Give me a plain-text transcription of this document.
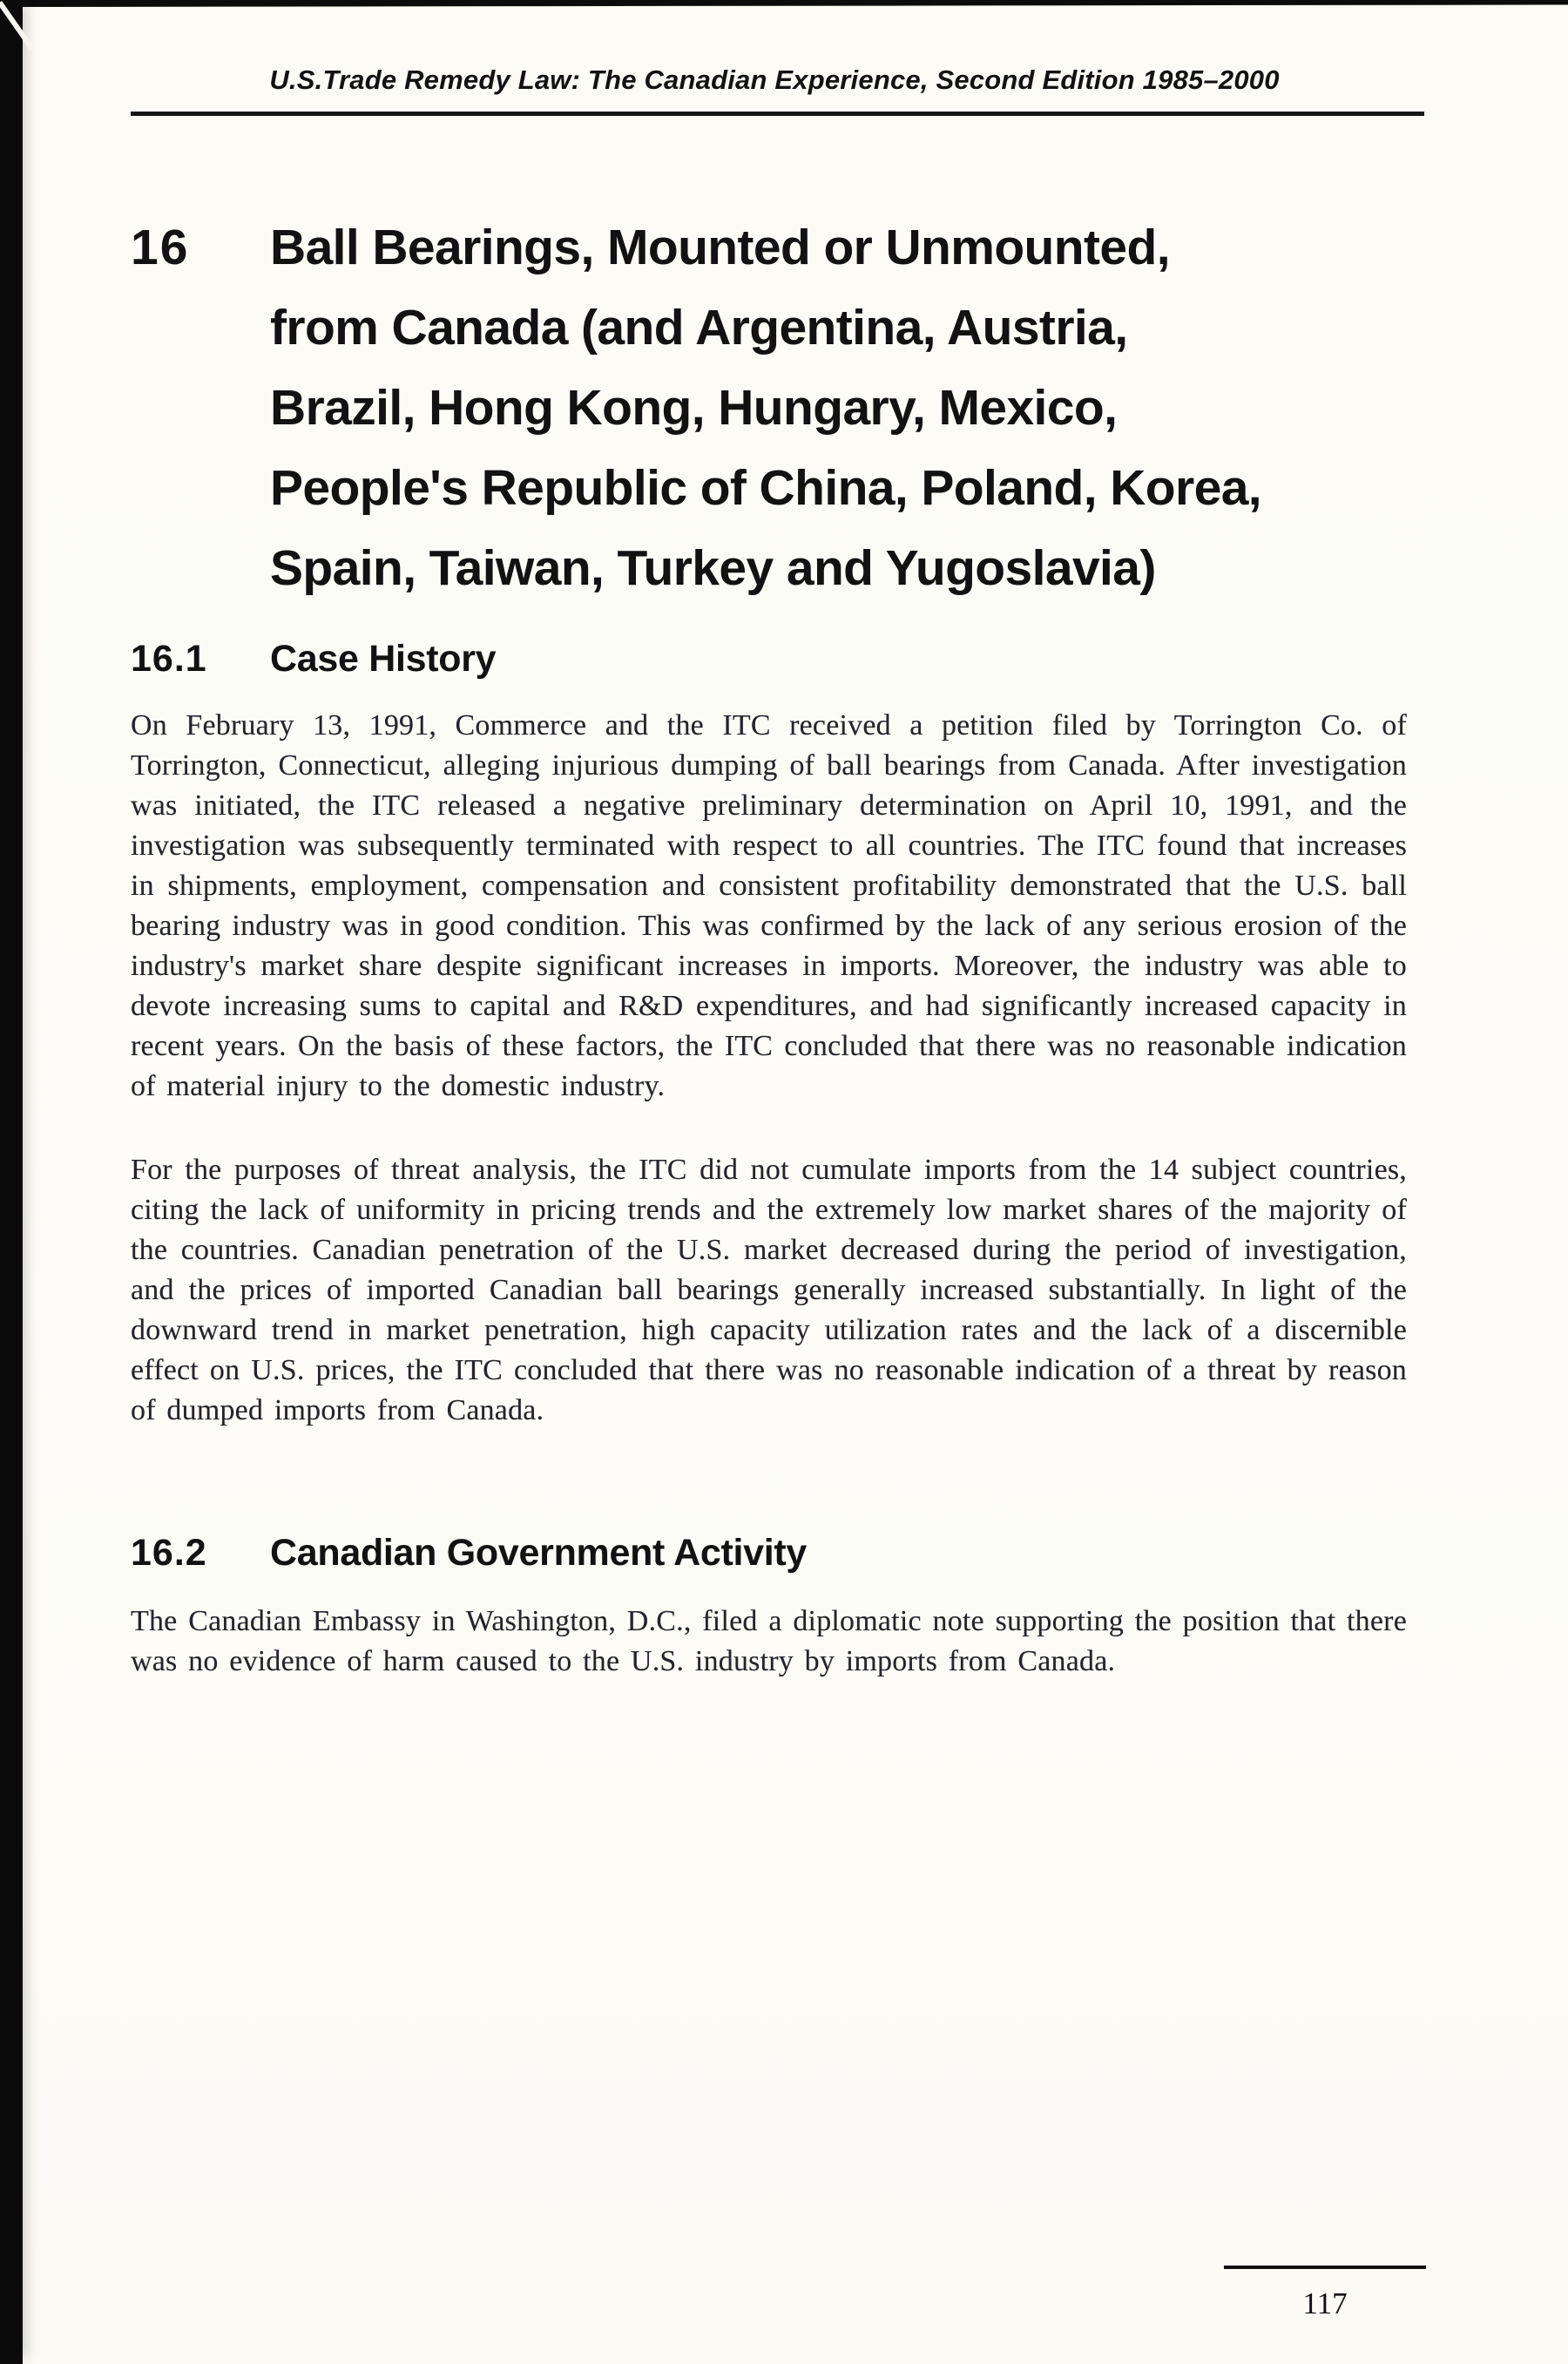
U.S.Trade Remedy Law: The Canadian Experience, Second Edition 1985–2000
16	Ball Bearings, Mounted or Unmounted,
from Canada (and Argentina, Austria,
Brazil, Hong Kong, Hungary, Mexico,
People's Republic of China, Poland, Korea,
Spain, Taiwan, Turkey and Yugoslavia)
16.1	Case History

On February 13, 1991, Commerce and the ITC received a petition filed by Torrington Co. of Torrington, Connecticut, alleging injurious dumping of ball bearings from Canada. After investigation was initiated, the ITC released a negative preliminary determination on April 10, 1991, and the investigation was subsequently terminated with respect to all countries. The ITC found that increases in shipments, employment, compensation and consistent profitability demonstrated that the U.S. ball bearing industry was in good condition. This was confirmed by the lack of any serious erosion of the industry's market share despite significant increases in imports. Moreover, the industry was able to devote increasing sums to capital and R&D expenditures, and had significantly increased capacity in recent years. On the basis of these factors, the ITC concluded that there was no reasonable indication of material injury to the domestic industry.

For the purposes of threat analysis, the ITC did not cumulate imports from the 14 subject countries, citing the lack of uniformity in pricing trends and the extremely low market shares of the majority of the countries. Canadian penetration of the U.S. market decreased during the period of investigation, and the prices of imported Canadian ball bearings generally increased substantially. In light of the downward trend in market penetration, high capacity utilization rates and the lack of a discernible effect on U.S. prices, the ITC concluded that there was no reasonable indication of a threat by reason of dumped imports from Canada.

16.2	Canadian Government Activity

The Canadian Embassy in Washington, D.C., filed a diplomatic note supporting the position that there was no evidence of harm caused to the U.S. industry by imports from Canada.

117
